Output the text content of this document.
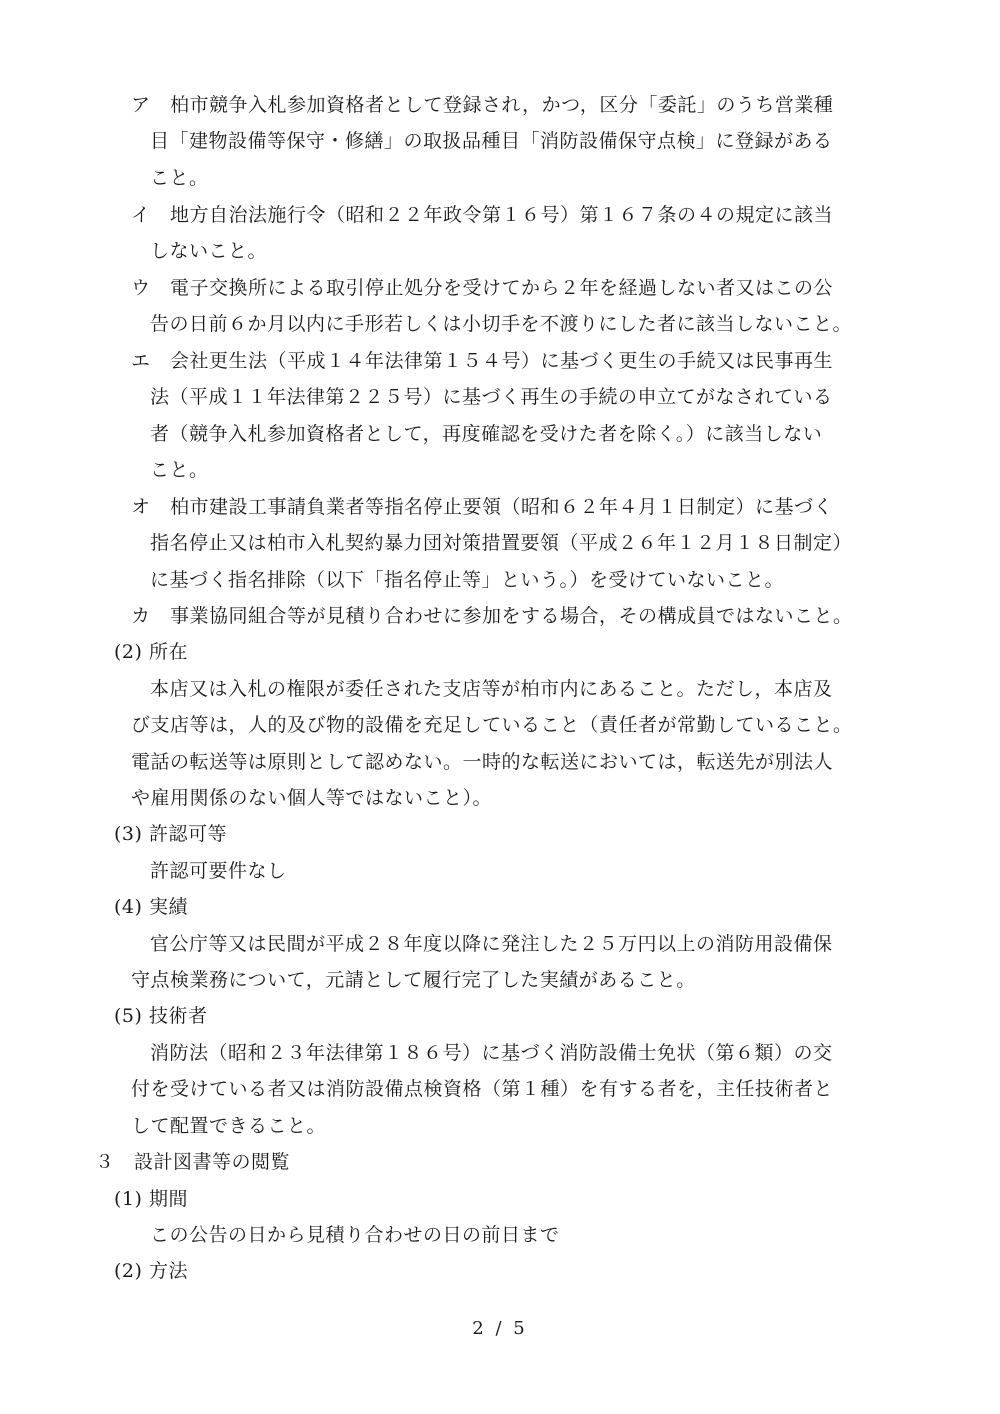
ア　柏市競争入札参加資格者として登録され，かつ，区分「委託」のうち営業種
目「建物設備等保守・修繕」の取扱品種目「消防設備保守点検」に登録がある
こと。
イ　地方自治法施行令（昭和２２年政令第１６号）第１６７条の４の規定に該当
しないこと。
ウ　電子交換所による取引停止処分を受けてから２年を経過しない者又はこの公
告の日前６か月以内に手形若しくは小切手を不渡りにした者に該当しないこと。
エ　会社更生法（平成１４年法律第１５４号）に基づく更生の手続又は民事再生
法（平成１１年法律第２２５号）に基づく再生の手続の申立てがなされている
者（競争入札参加資格者として，再度確認を受けた者を除く。）に該当しない
こと。
オ　柏市建設工事請負業者等指名停止要領（昭和６２年４月１日制定）に基づく
指名停止又は柏市入札契約暴力団対策措置要領（平成２６年１２月１８日制定）
に基づく指名排除（以下「指名停止等」という。）を受けていないこと。
カ　事業協同組合等が見積り合わせに参加をする場合，その構成員ではないこと。
(2) 所在
本店又は入札の権限が委任された支店等が柏市内にあること。ただし，本店及
び支店等は，人的及び物的設備を充足していること（責任者が常勤していること。
電話の転送等は原則として認めない。一時的な転送においては，転送先が別法人
や雇用関係のない個人等ではないこと）。
(3) 許認可等
許認可要件なし
(4) 実績
官公庁等又は民間が平成２８年度以降に発注した２５万円以上の消防用設備保
守点検業務について，元請として履行完了した実績があること。
(5) 技術者
消防法（昭和２３年法律第１８６号）に基づく消防設備士免状（第６類）の交
付を受けている者又は消防設備点検資格（第１種）を有する者を，主任技術者と
して配置できること。
３　設計図書等の閲覧
(1) 期間
この公告の日から見積り合わせの日の前日まで
(2) 方法
2 / 5
